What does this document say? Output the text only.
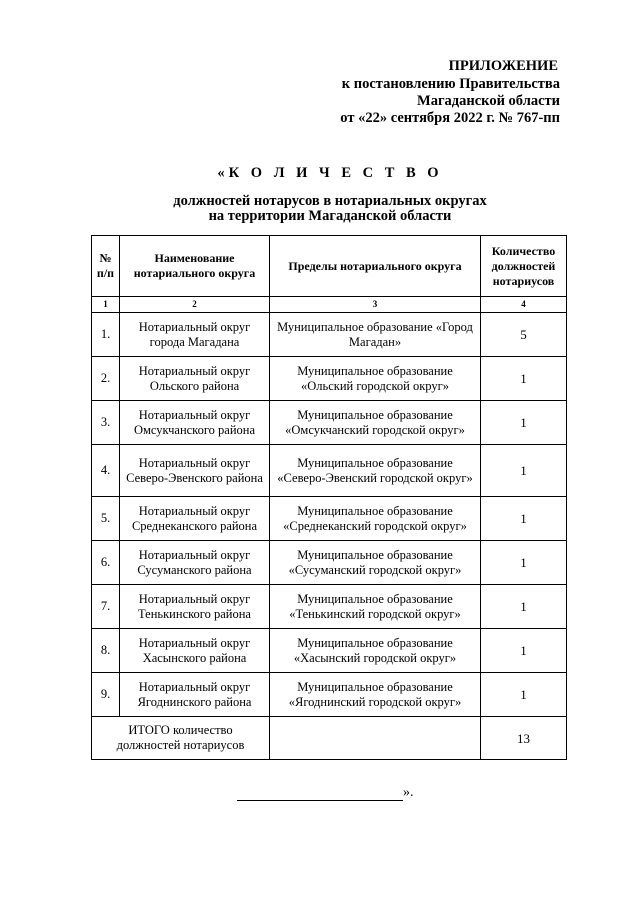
ПРИЛОЖЕНИЕ
к постановлению Правительства
Магаданской области
от «22» сентября 2022 г. № 767-пп
«К О Л И Ч Е С Т В О
должностей нотарусов в нотариальных округах
на территории Магаданской области
№ п/п	Наименование нотариального округа	Пределы нотариального округа	Количество должностей нотариусов
1	2	3	4
1.	Нотариальный округ города Магадана	Муниципальное образование «Город Магадан»	5
2.	Нотариальный округ Ольского района	Муниципальное образование «Ольский городской округ»	1
3.	Нотариальный округ Омсукчанского района	Муниципальное образование «Омсукчанский городской округ»	1
4.	Нотариальный округ Северо-Эвенского района	Муниципальное образование «Северо-Эвенский городской округ»	1
5.	Нотариальный округ Среднеканского района	Муниципальное образование «Среднеканский городской округ»	1
6.	Нотариальный округ Сусуманского района	Муниципальное образование «Сусуманский городской округ»	1
7.	Нотариальный округ Тенькинского района	Муниципальное образование «Тенькинский городской округ»	1
8.	Нотариальный округ Хасынского района	Муниципальное образование «Хасынский городской округ»	1
9.	Нотариальный округ Ягоднинского района	Муниципальное образование «Ягоднинский городской округ»	1
ИТОГО количество должностей нотариусов			13
».
